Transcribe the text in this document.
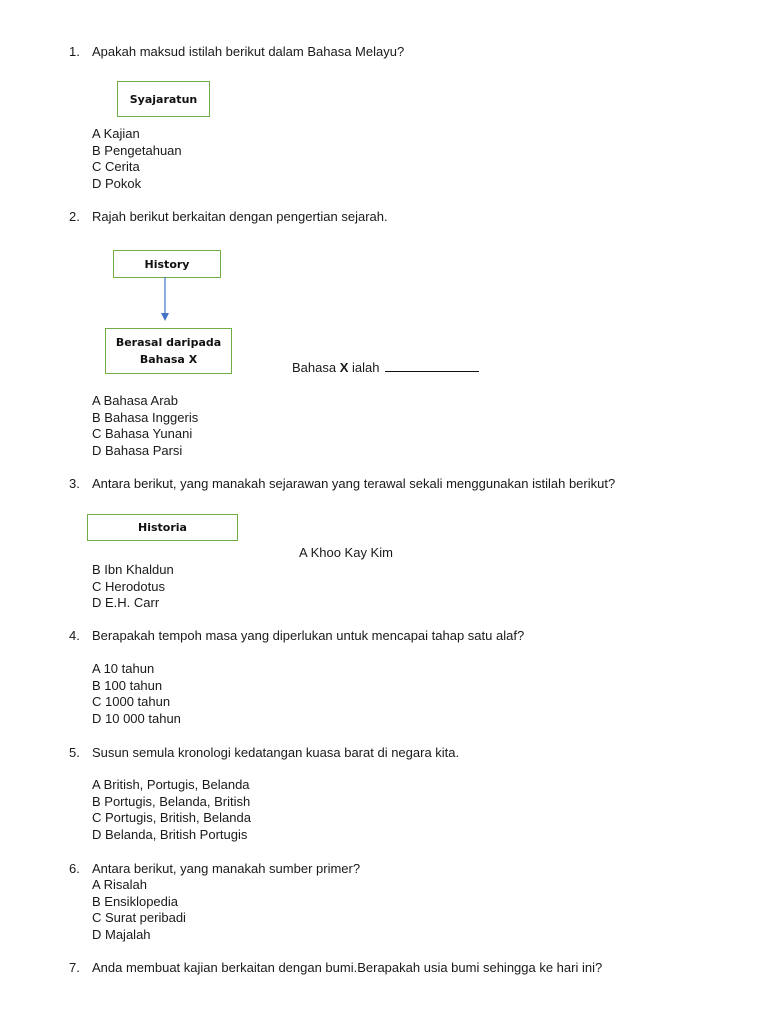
1. Apakah maksud istilah berikut dalam Bahasa Melayu?
Syajaratun
A Kajian
B Pengetahuan
C Cerita
D Pokok
2. Rajah berikut berkaitan dengan pengertian sejarah.
History
Berasal daripada Bahasa X
Bahasa X ialah
A Bahasa Arab
B Bahasa Inggeris
C Bahasa Yunani
D Bahasa Parsi
3. Antara berikut, yang manakah sejarawan yang terawal sekali menggunakan istilah berikut?
Historia
A Khoo Kay Kim
B Ibn Khaldun
C Herodotus
D E.H. Carr
4. Berapakah tempoh masa yang diperlukan untuk mencapai tahap satu alaf?
A 10 tahun
B 100 tahun
C 1000 tahun
D 10 000 tahun
5. Susun semula kronologi kedatangan kuasa barat di negara kita.
A British, Portugis, Belanda
B Portugis, Belanda, British
C Portugis, British, Belanda
D Belanda, British Portugis
6. Antara berikut, yang manakah sumber primer?
A Risalah
B Ensiklopedia
C Surat peribadi
D Majalah
7. Anda membuat kajian berkaitan dengan bumi.Berapakah usia bumi sehingga ke hari ini?
